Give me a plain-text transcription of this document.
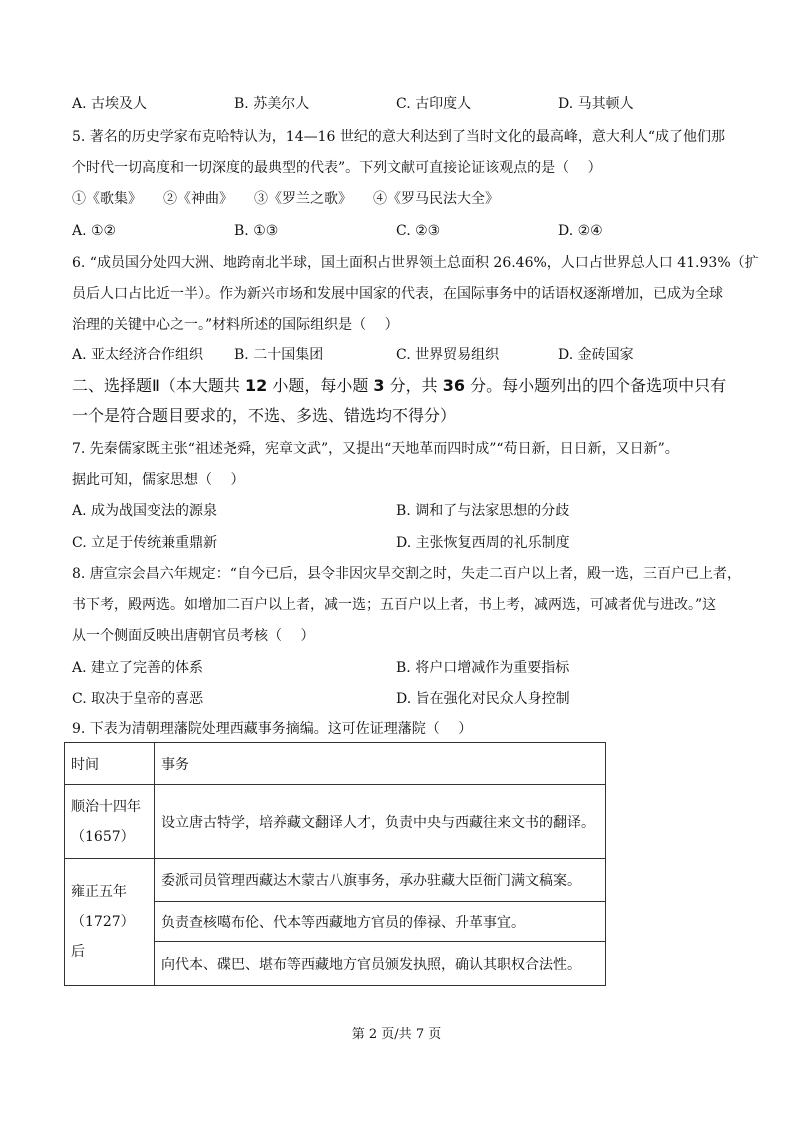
A. 古埃及人	B. 苏美尔人	C. 古印度人	D. 马其顿人
5. 著名的历史学家布克哈特认为，14—16 世纪的意大利达到了当时文化的最高峰，意大利人“成了他们那
个时代一切高度和一切深度的最典型的代表”。下列文献可直接论证该观点的是（　 ）
①《歌集》　　②《神曲》　　③《罗兰之歌》　　④《罗马民法大全》
A. ①②	B. ①③	C. ②③	D. ②④
6. “成员国分处四大洲、地跨南北半球，国土面积占世界领土总面积 26.46%，人口占世界总人口 41.93%（扩
员后人口占比近一半）。作为新兴市场和发展中国家的代表，在国际事务中的话语权逐渐增加，已成为全球
治理的关键中心之一。”材料所述的国际组织是（　 ）
A. 亚太经济合作组织 B. 二十国集团	C. 世界贸易组织	D. 金砖国家
二、选择题Ⅱ（本大题共 12 小题，每小题 3 分，共 36 分。每小题列出的四个备选项中只有
一个是符合题目要求的，不选、多选、错选均不得分）
7. 先秦儒家既主张“祖述尧舜，宪章文武”，又提出“天地革而四时成”“苟日新，日日新，又日新”。
据此可知，儒家思想（　 ）
A. 成为战国变法的源泉	B. 调和了与法家思想的分歧
C. 立足于传统兼重鼎新	D. 主张恢复西周的礼乐制度
8. 唐宣宗会昌六年规定：“自今已后，县令非因灾旱交割之时，失走二百户以上者，殿一选，三百户已上者，
书下考，殿两选。如增加二百户以上者，减一选；五百户以上者，书上考，减两选，可减者优与进改。”这
从一个侧面反映出唐朝官员考核（　 ）
A. 建立了完善的体系	B. 将户口增减作为重要指标
C. 取决于皇帝的喜恶	D. 旨在强化对民众人身控制
9. 下表为清朝理藩院处理西藏事务摘编。这可佐证理藩院（　 ）
时间	事务

顺治十四年
（1657）	设立唐古特学，培养藏文翻译人才，负责中央与西藏往来文书的翻译。

雍正五年
（1727）后	委派司员管理西藏达木蒙古八旗事务，承办驻藏大臣衙门满文稿案。
	负责查核噶布伦、代本等西藏地方官员的俸禄、升革事宜。
	向代本、碟巴、堪布等西藏地方官员颁发执照，确认其职权合法性。
第 2 页/共 7 页
